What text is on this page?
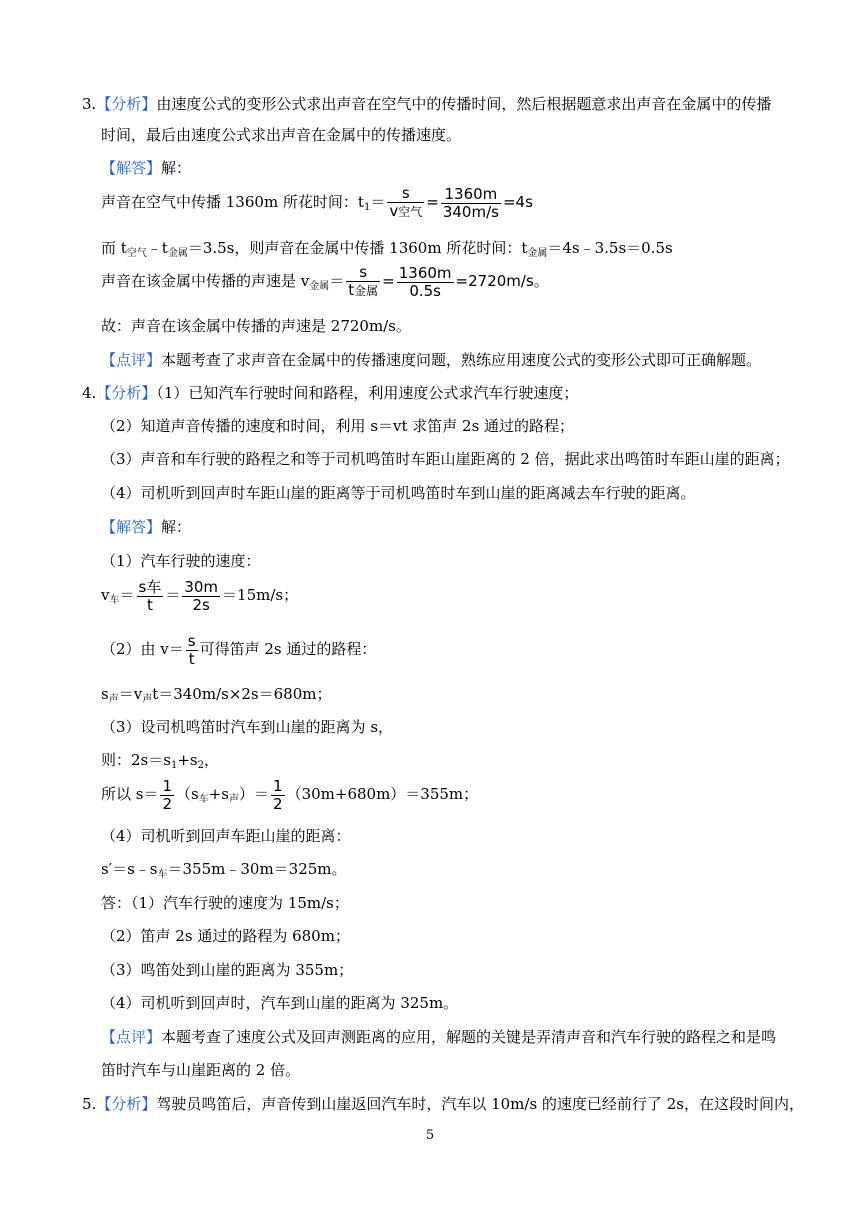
3.【分析】由速度公式的变形公式求出声音在空气中的传播时间，然后根据题意求出声音在金属中的传播
时间，最后由速度公式求出声音在金属中的传播速度。
【解答】解：
声音在空气中传播 1360m 所花时间：$t_1= \frac{s}{\text{v空气}} = \frac{1360m}{340m/s} =4s$
而 $t_{空气}﹣t_{金属}=3.5s$，则声音在金属中传播 1360m 所花时间：$t_{金属}=4s﹣3.5s=0.5s$
声音在该金属中传播的声速是 $v_{金属}= \frac{s}{\text{t金属}} = \frac{1360m}{0.5s} =2720m/s$。
故：声音在该金属中传播的声速是 2720m/s。
【点评】本题考查了求声音在金属中的传播速度问题，熟练应用速度公式的变形公式即可正确解题。
4.【分析】（1）已知汽车行驶时间和路程，利用速度公式求汽车行驶速度；
（2）知道声音传播的速度和时间，利用 s＝vt 求笛声 2s 通过的路程；
（3）声音和车行驶的路程之和等于司机鸣笛时车距山崖距离的 2 倍，据此求出鸣笛时车距山崖的距离；
（4）司机听到回声时车距山崖的距离等于司机鸣笛时车到山崖的距离减去车行驶的距离。
【解答】解：
（1）汽车行驶的速度：
$v_车= \frac{\text{s车}}{t} = \frac{30m}{2s} =15m/s$；
（2）由 $v= \frac{s}{t}$ 可得笛声 2s 通过的路程：
$s_声=v_声t=340m/s\times 2s=680m$；
（3）设司机鸣笛时汽车到山崖的距离为 s，
则：$2s=s_1+s_2$，
所以 $s= \frac{1}{2} (s_车+s_声)= \frac{1}{2} (30m+680m)=355m$；
（4）司机听到回声车距山崖的距离：
$s'=s﹣s_车=355m﹣30m=325m$。
答：（1）汽车行驶的速度为 15m/s；
（2）笛声 2s 通过的路程为 680m；
（3）鸣笛处到山崖的距离为 355m；
（4）司机听到回声时，汽车到山崖的距离为 325m。
【点评】本题考查了速度公式及回声测距离的应用，解题的关键是弄清声音和汽车行驶的路程之和是鸣
笛时汽车与山崖距离的 2 倍。
5.【分析】驾驶员鸣笛后，声音传到山崖返回汽车时，汽车以 10m/s 的速度已经前行了 2s，在这段时间内，
5
